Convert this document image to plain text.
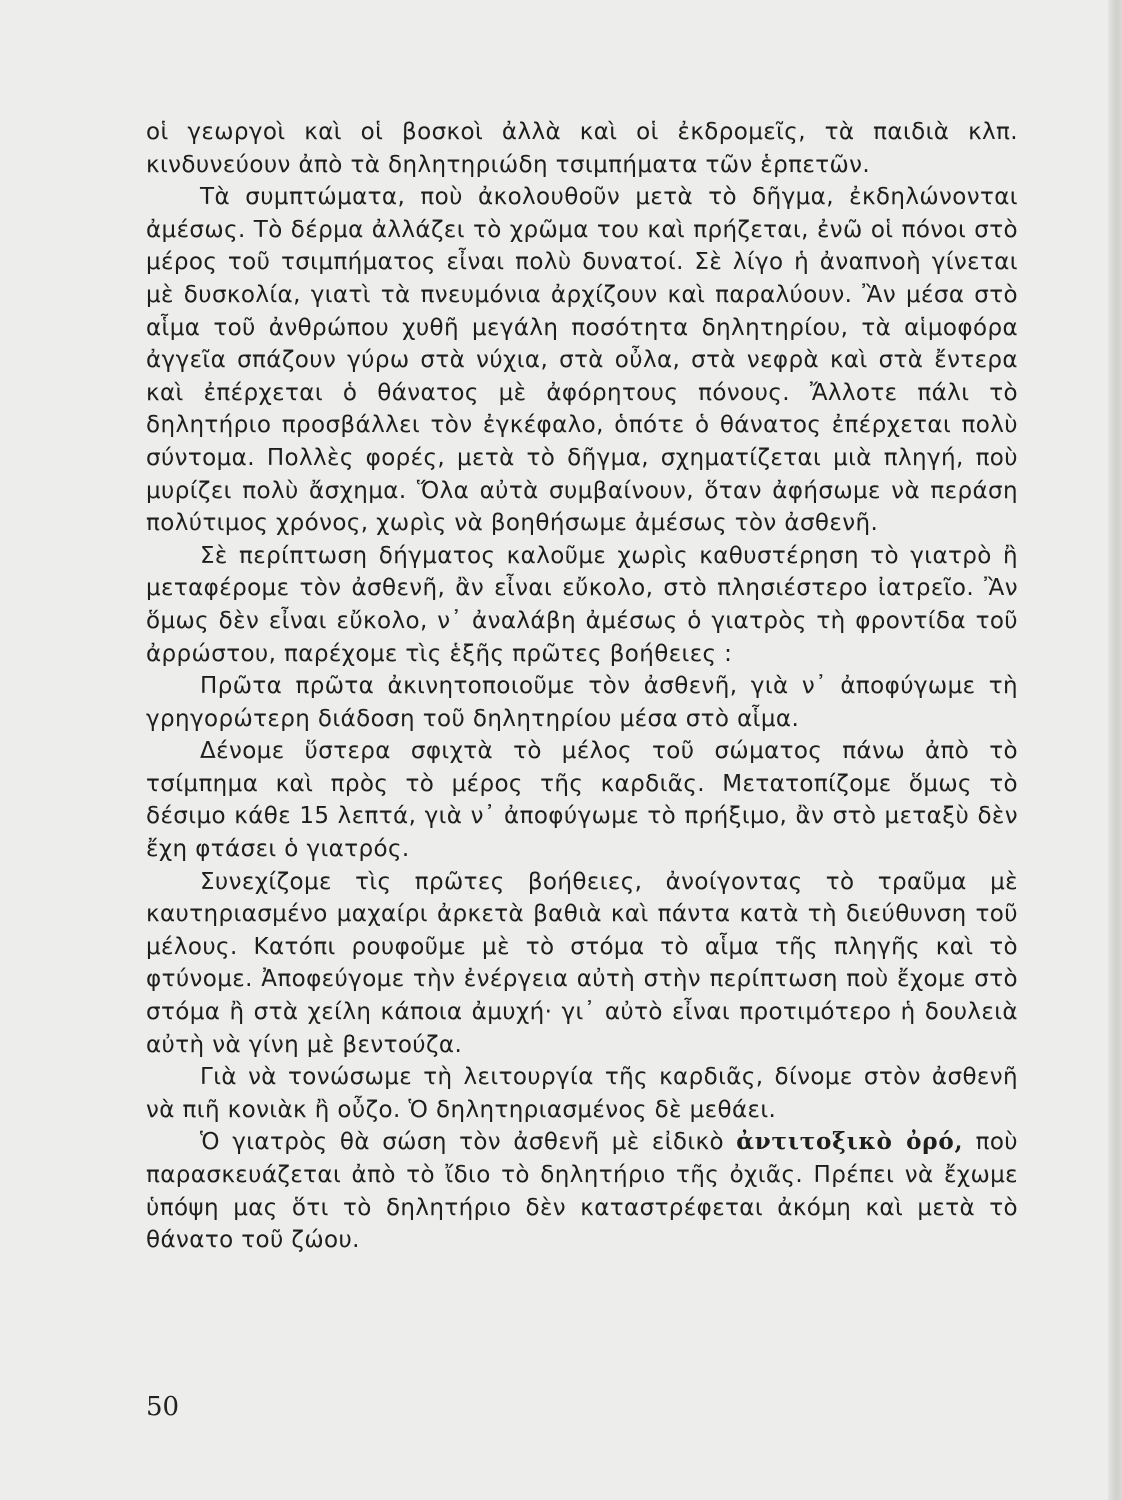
οἱ γεωργοὶ καὶ οἱ βοσκοὶ ἀλλὰ καὶ οἱ ἐκδρομεῖς, τὰ παιδιὰ κλπ. κινδυνεύουν ἀπὸ τὰ δηλητηριώδη τσιμπήματα τῶν ἑρπετῶν.

Τὰ συμπτώματα, ποὺ ἀκολουθοῦν μετὰ τὸ δῆγμα, ἐκδηλώνονται ἀμέσως. Τὸ δέρμα ἀλλάζει τὸ χρῶμα του καὶ πρήζεται, ἐνῶ οἱ πόνοι στὸ μέρος τοῦ τσιμπήματος εἶναι πολὺ δυνατοί. Σὲ λίγο ἡ ἀναπνοὴ γίνεται μὲ δυσκολία, γιατὶ τὰ πνευμόνια ἀρχίζουν καὶ παραλύουν. Ἂν μέσα στὸ αἷμα τοῦ ἀνθρώπου χυθῆ μεγάλη ποσότητα δηλητηρίου, τὰ αἱμοφόρα ἀγγεῖα σπάζουν γύρω στὰ νύχια, στὰ οὖλα, στὰ νεφρὰ καὶ στὰ ἔντερα καὶ ἐπέρχεται ὁ θάνατος μὲ ἀφόρητους πόνους. Ἄλλοτε πάλι τὸ δηλητήριο προσβάλλει τὸν ἐγκέφαλο, ὁπότε ὁ θάνατος ἐπέρχεται πολὺ σύντομα. Πολλὲς φορές, μετὰ τὸ δῆγμα, σχηματίζεται μιὰ πληγή, ποὺ μυρίζει πολὺ ἄσχημα. Ὅλα αὐτὰ συμβαίνουν, ὅταν ἀφήσωμε νὰ περάση πολύτιμος χρόνος, χωρὶς νὰ βοηθήσωμε ἀμέσως τὸν ἀσθενῆ.

Σὲ περίπτωση δήγματος καλοῦμε χωρὶς καθυστέρηση τὸ γιατρὸ ἢ μεταφέρομε τὸν ἀσθενῆ, ἂν εἶναι εὔκολο, στὸ πλησιέστερο ἰατρεῖο. Ἂν ὅμως δὲν εἶναι εὔκολο, ν᾽ ἀναλάβη ἀμέσως ὁ γιατρὸς τὴ φροντίδα τοῦ ἀρρώστου, παρέχομε τὶς ἑξῆς πρῶτες βοήθειες :

Πρῶτα πρῶτα ἀκινητοποιοῦμε τὸν ἀσθενῆ, γιὰ ν᾽ ἀποφύγωμε τὴ γρηγορώτερη διάδοση τοῦ δηλητηρίου μέσα στὸ αἷμα.

Δένομε ὕστερα σφιχτὰ τὸ μέλος τοῦ σώματος πάνω ἀπὸ τὸ τσίμπημα καὶ πρὸς τὸ μέρος τῆς καρδιᾶς. Μετατοπίζομε ὅμως τὸ δέσιμο κάθε 15 λεπτά, γιὰ ν᾽ ἀποφύγωμε τὸ πρήξιμο, ἂν στὸ μεταξὺ δὲν ἔχη φτάσει ὁ γιατρός.

Συνεχίζομε τὶς πρῶτες βοήθειες, ἀνοίγοντας τὸ τραῦμα μὲ καυτηριασμένο μαχαίρι ἀρκετὰ βαθιὰ καὶ πάντα κατὰ τὴ διεύθυνση τοῦ μέλους. Κατόπι ρουφοῦμε μὲ τὸ στόμα τὸ αἷμα τῆς πληγῆς καὶ τὸ φτύνομε. Ἀποφεύγομε τὴν ἐνέργεια αὐτὴ στὴν περίπτωση ποὺ ἔχομε στὸ στόμα ἢ στὰ χείλη κάποια ἀμυχή· γι᾽ αὐτὸ εἶναι προτιμότερο ἡ δουλειὰ αὐτὴ νὰ γίνη μὲ βεντούζα.

Γιὰ νὰ τονώσωμε τὴ λειτουργία τῆς καρδιᾶς, δίνομε στὸν ἀσθενῆ νὰ πιῆ κονιὰκ ἢ οὖζο. Ὁ δηλητηριασμένος δὲ μεθάει.

Ὁ γιατρὸς θὰ σώση τὸν ἀσθενῆ μὲ εἰδικὸ ἀντιτοξικὸ ὀρό, ποὺ παρασκευάζεται ἀπὸ τὸ ἴδιο τὸ δηλητήριο τῆς ὀχιᾶς. Πρέπει νὰ ἔχωμε ὑπόψη μας ὅτι τὸ δηλητήριο δὲν καταστρέφεται ἀκόμη καὶ μετὰ τὸ θάνατο τοῦ ζώου.

50
